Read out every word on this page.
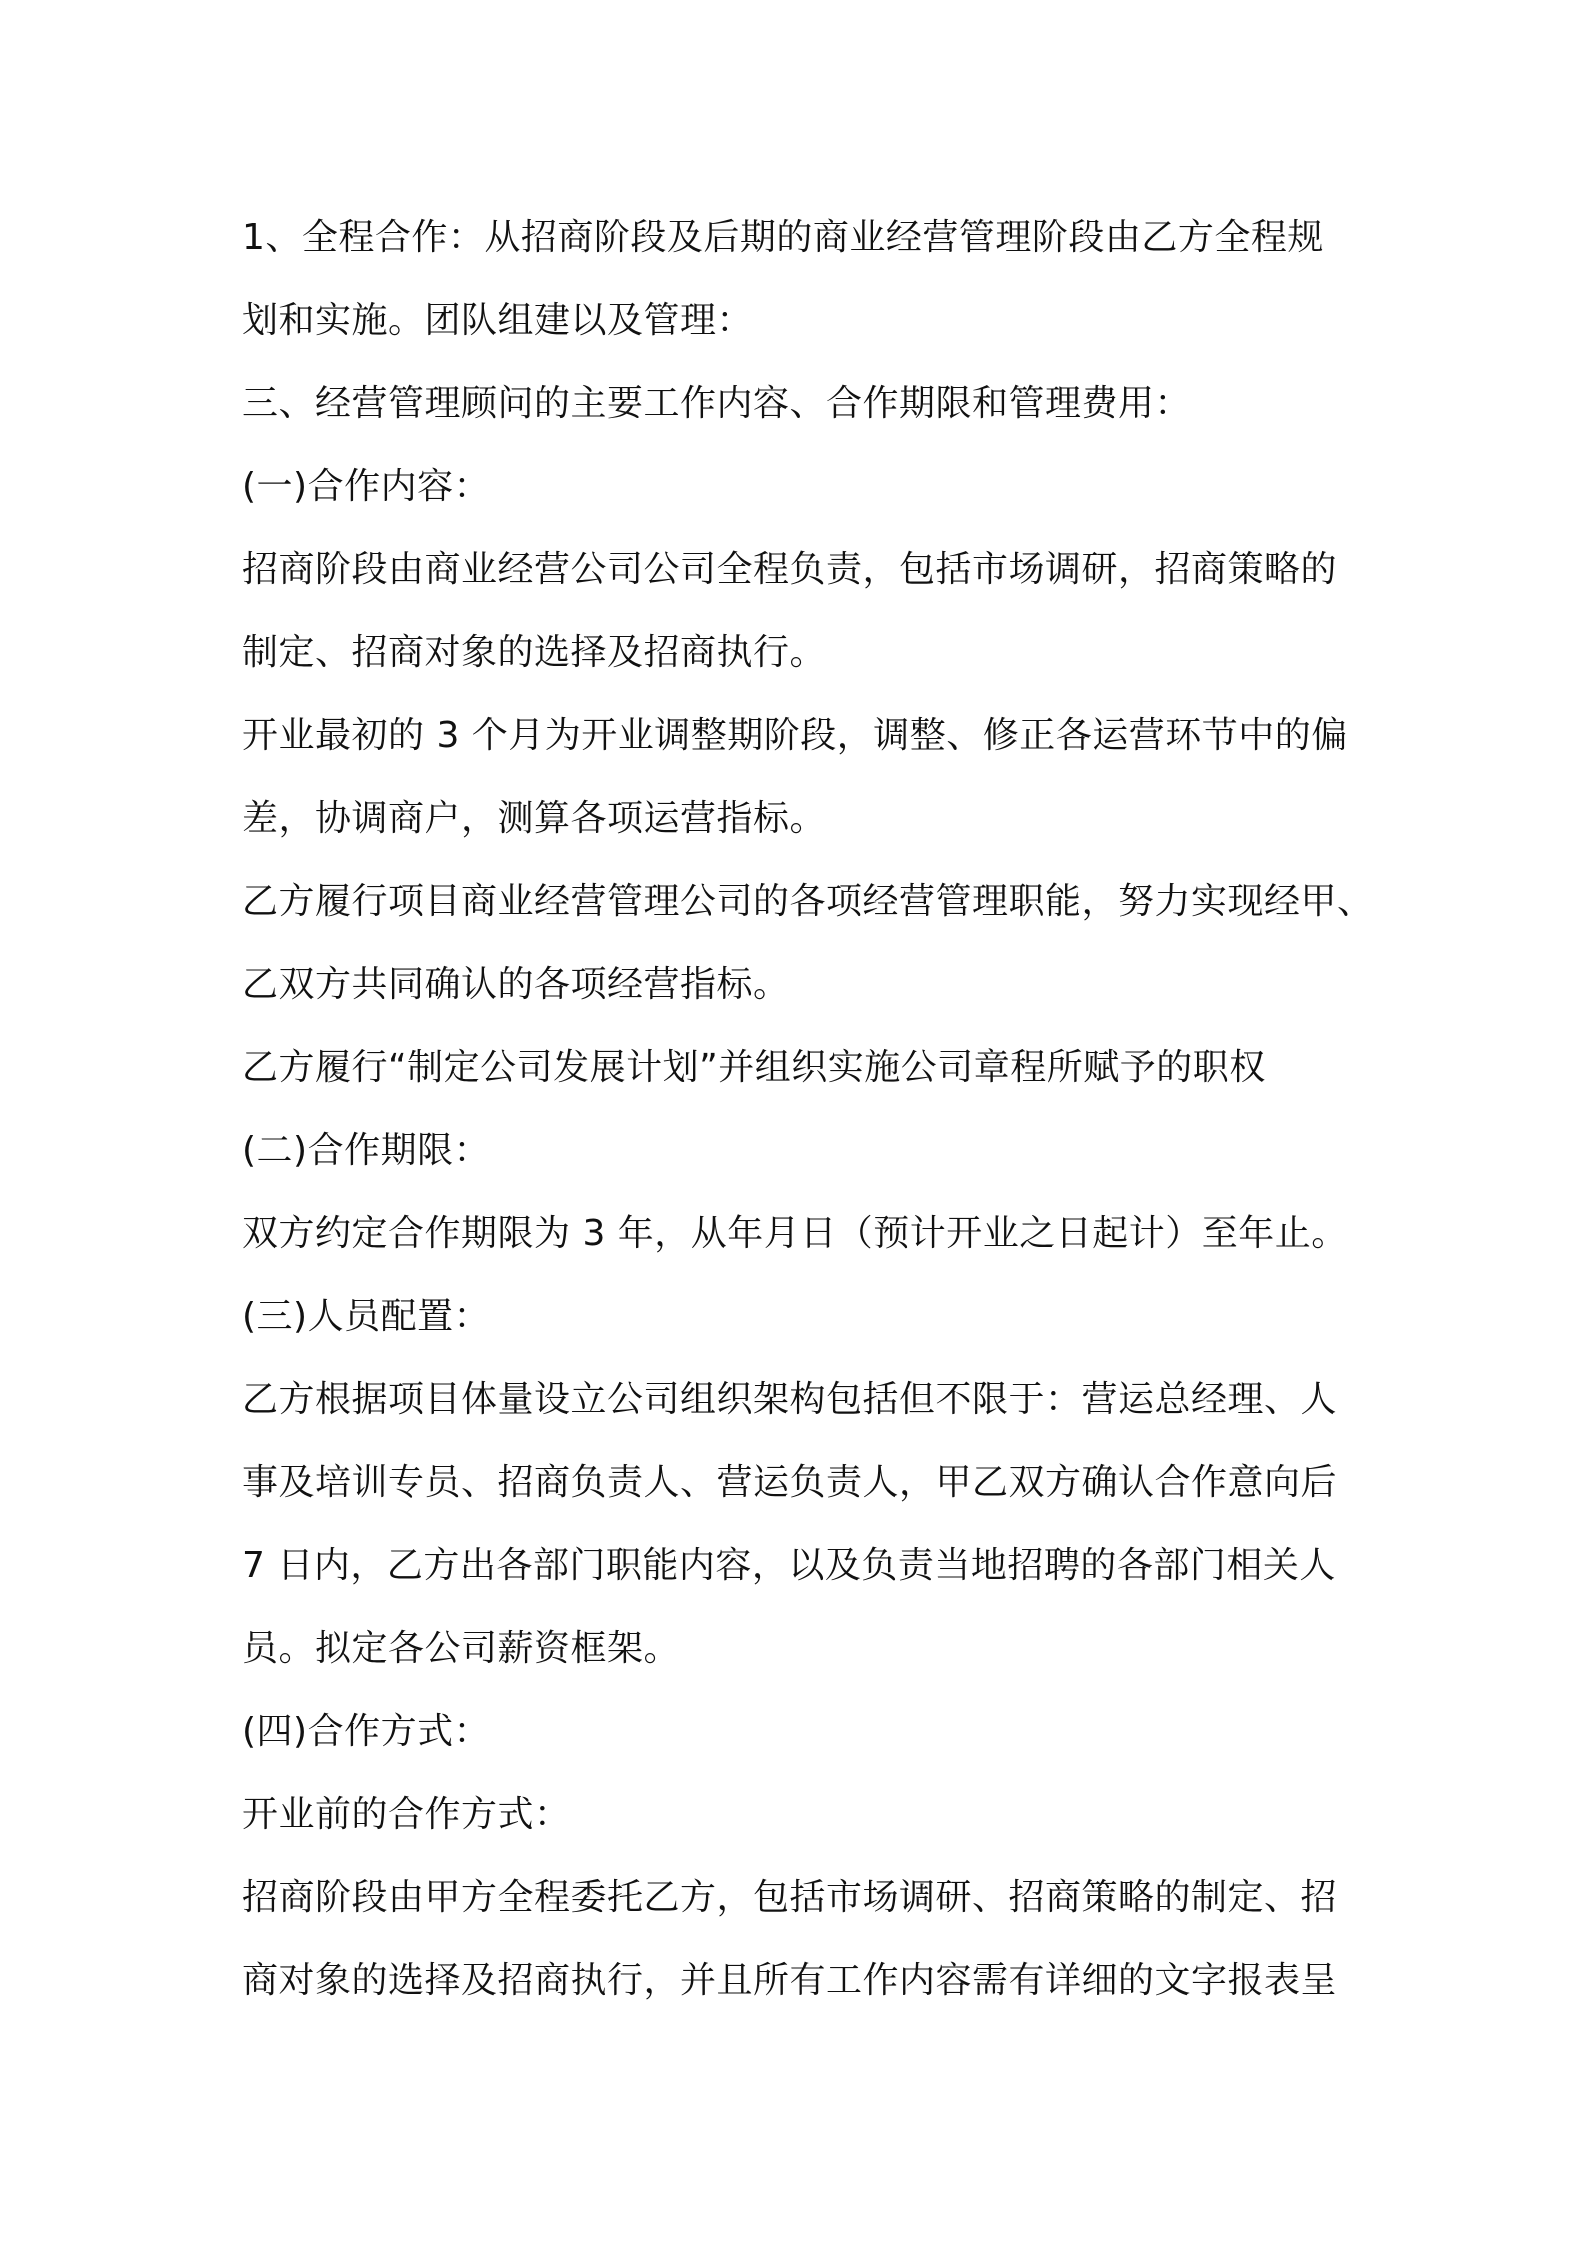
1、全程合作：从招商阶段及后期的商业经营管理阶段由乙方全程规
划和实施。团队组建以及管理：
三、经营管理顾问的主要工作内容、合作期限和管理费用：
(一)合作内容：
招商阶段由商业经营公司公司全程负责，包括市场调研，招商策略的
制定、招商对象的选择及招商执行。
开业最初的 3 个月为开业调整期阶段，调整、修正各运营环节中的偏
差，协调商户，测算各项运营指标。
乙方履行项目商业经营管理公司的各项经营管理职能，努力实现经甲、
乙双方共同确认的各项经营指标。
乙方履行“制定公司发展计划”并组织实施公司章程所赋予的职权
(二)合作期限：
双方约定合作期限为 3 年，从年月日（预计开业之日起计）至年止。
(三)人员配置：
乙方根据项目体量设立公司组织架构包括但不限于：营运总经理、人
事及培训专员、招商负责人、营运负责人，甲乙双方确认合作意向后
7 日内，乙方出各部门职能内容，以及负责当地招聘的各部门相关人
员。拟定各公司薪资框架。
(四)合作方式：
开业前的合作方式：
招商阶段由甲方全程委托乙方，包括市场调研、招商策略的制定、招
商对象的选择及招商执行，并且所有工作内容需有详细的文字报表呈
